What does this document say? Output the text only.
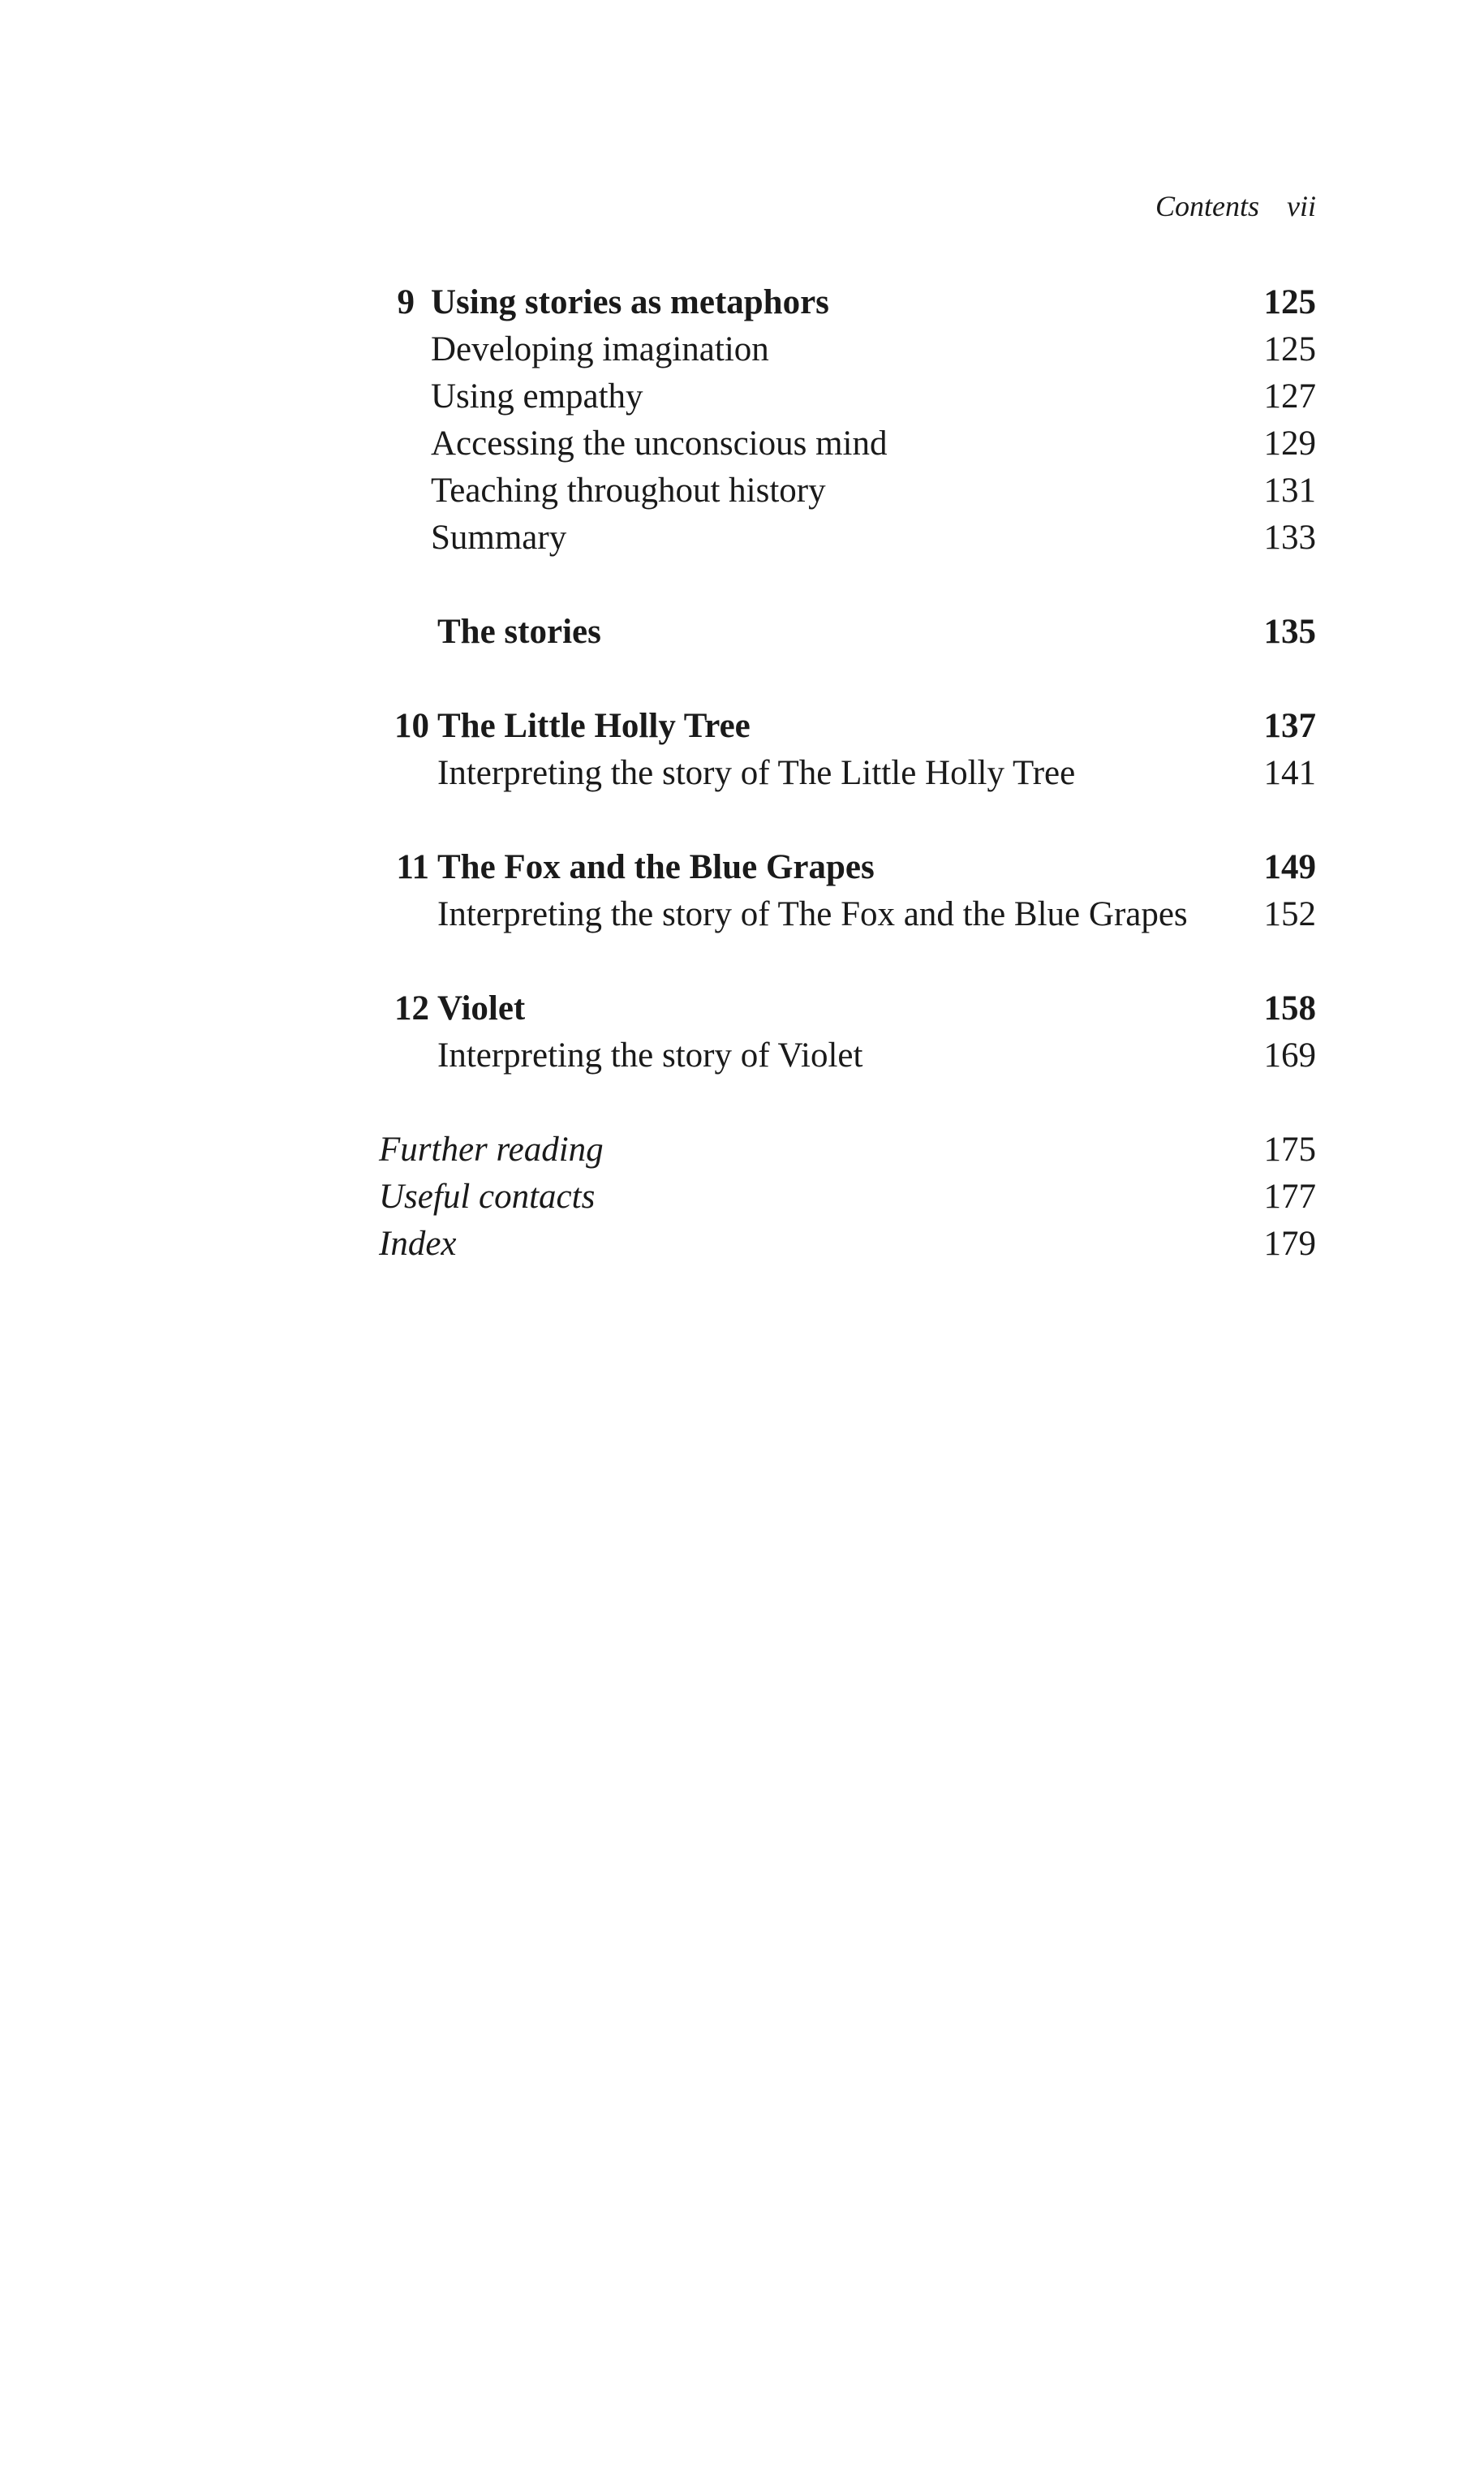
Contents vii
9 Using stories as metaphors	125
Developing imagination	125
Using empathy	127
Accessing the unconscious mind	129
Teaching throughout history	131
Summary	133
The stories	135
10 The Little Holly Tree	137
Interpreting the story of The Little Holly Tree	141
11 The Fox and the Blue Grapes	149
Interpreting the story of The Fox and the Blue Grapes 152
12 Violet	158
Interpreting the story of Violet	169
Further reading	175
Useful contacts	177
Index	179
